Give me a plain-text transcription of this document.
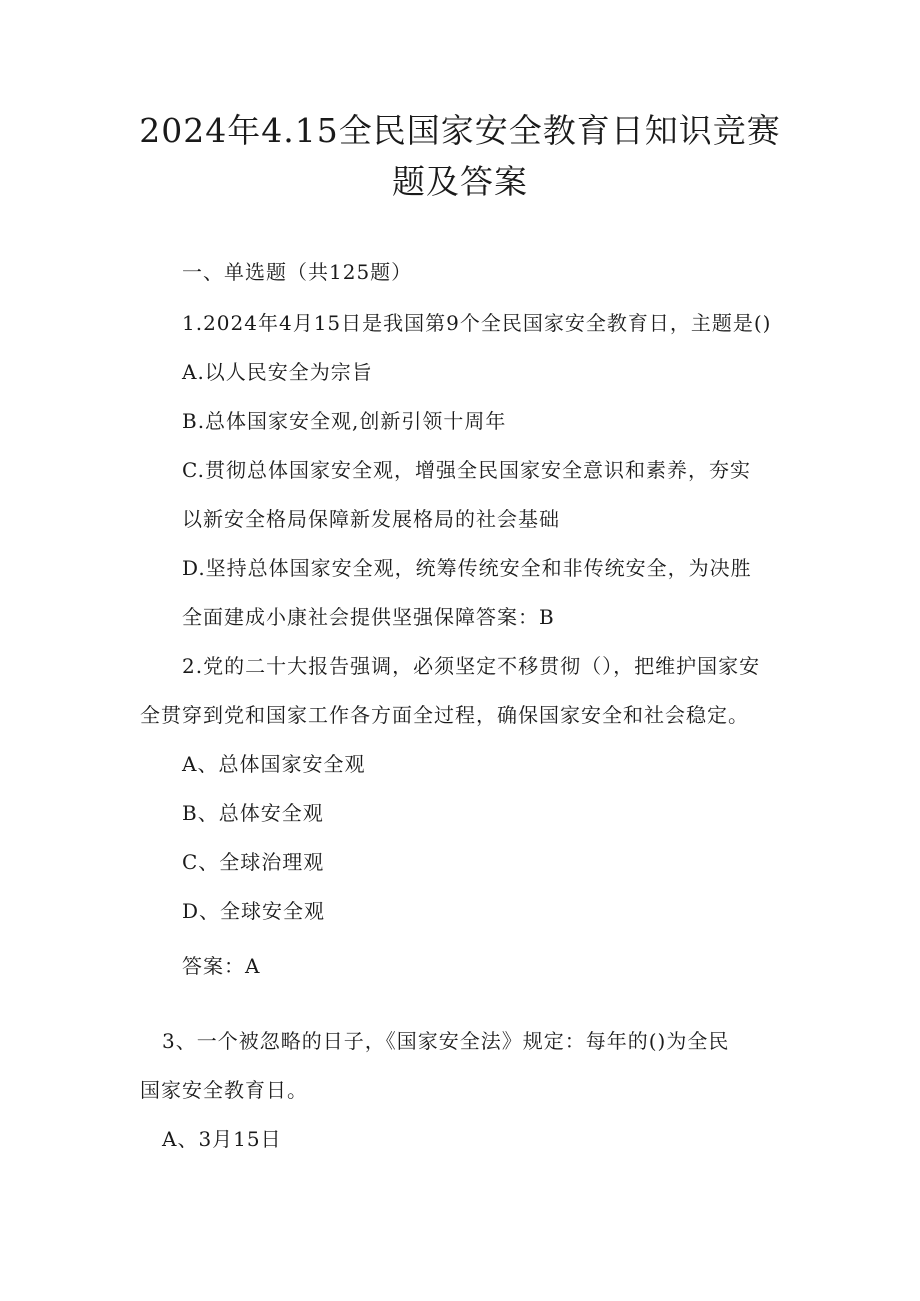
2024年4.15全民国家安全教育日知识竞赛
题及答案

一、单选题（共125题）

1.2024年4月15日是我国第9个全民国家安全教育日，主题是()

A.以人民安全为宗旨

B.总体国家安全观,创新引领十周年

C.贯彻总体国家安全观，增强全民国家安全意识和素养，夯实

以新安全格局保障新发展格局的社会基础

D.坚持总体国家安全观，统筹传统安全和非传统安全，为决胜

全面建成小康社会提供坚强保障答案：B

2.党的二十大报告强调，必须坚定不移贯彻（），把维护国家安

全贯穿到党和国家工作各方面全过程，确保国家安全和社会稳定。

A、总体国家安全观

B、总体安全观

C、全球治理观

D、全球安全观

答案：A

3、一个被忽略的日子，《国家安全法》规定：每年的()为全民

国家安全教育日。

A、3月15日
